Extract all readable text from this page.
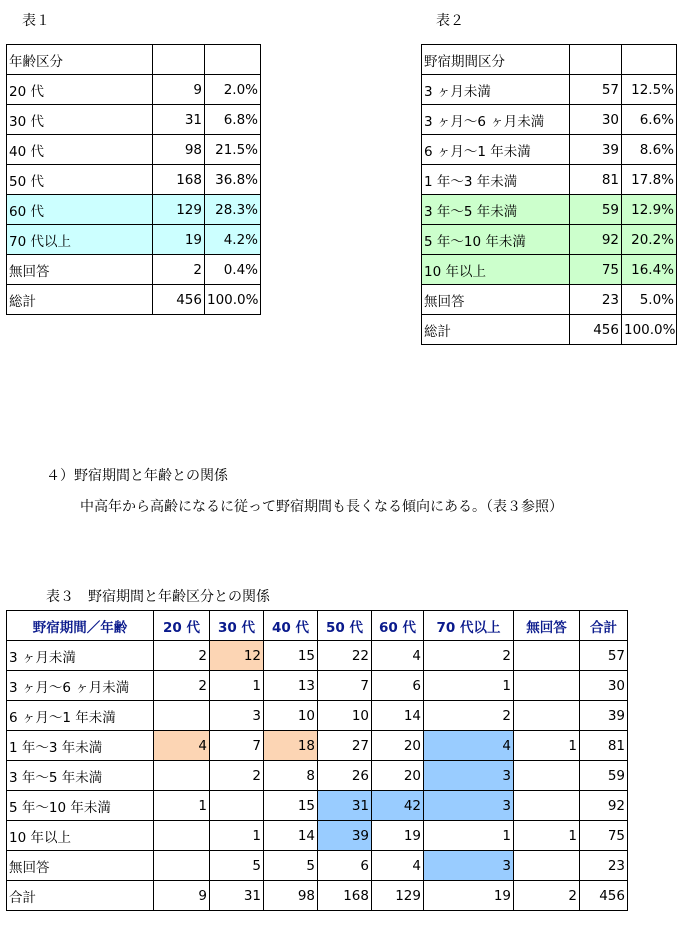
表１
年齢区分		
20 代	9	2.0%
30 代	31	6.8%
40 代	98	21.5%
50 代	168	36.8%
60 代	129	28.3%
70 代以上	19	4.2%
無回答	2	0.4%
総計	456	100.0%
表２
野宿期間区分		
3 ヶ月未満	57	12.5%
3 ヶ月～6 ヶ月未満	30	6.6%
6 ヶ月～1 年未満	39	8.6%
1 年～3 年未満	81	17.8%
3 年～5 年未満	59	12.9%
5 年～10 年未満	92	20.2%
10 年以上	75	16.4%
無回答	23	5.0%
総計	456	100.0%
４）野宿期間と年齢との関係
中高年から高齢になるに従って野宿期間も長くなる傾向にある。（表３参照）
表３　野宿期間と年齢区分との関係
野宿期間／年齢	20 代	30 代	40 代	50 代	60 代	70 代以上	無回答	合計
3 ヶ月未満	2	12	15	22	4	2		57
3 ヶ月～6 ヶ月未満	2	1	13	7	6	1		30
6 ヶ月～1 年未満		3	10	10	14	2		39
1 年～3 年未満	4	7	18	27	20	4	1	81
3 年～5 年未満		2	8	26	20	3		59
5 年～10 年未満	1		15	31	42	3		92
10 年以上		1	14	39	19	1	1	75
無回答		5	5	6	4	3		23
合計	9	31	98	168	129	19	2	456
